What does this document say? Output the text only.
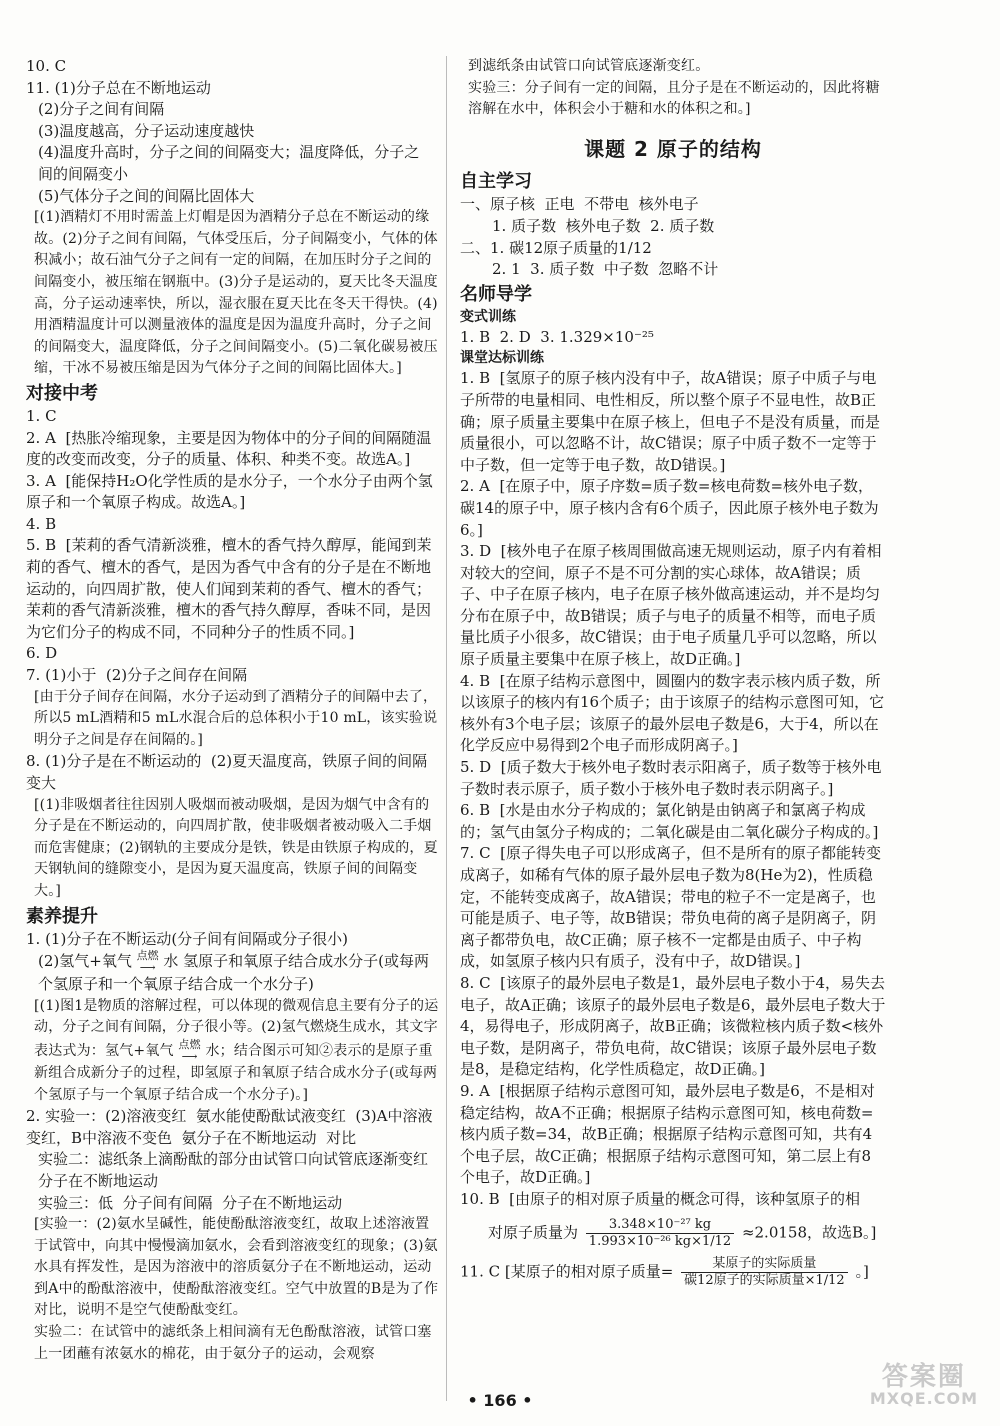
10. C

11. (1)分子总在不断地运动

(2)分子之间有间隔

(3)温度越高，分子运动速度越快

(4)温度升高时，分子之间的间隔变大；温度降低，分子之

间的间隔变小

(5)气体分子之间的间隔比固体大

[(1)酒精灯不用时需盖上灯帽是因为酒精分子总在不断运动的缘故。(2)分子之间有间隔，气体受压后，分子间隔变小，气体的体积减小；故石油气分子之间有一定的间隔，在加压时分子之间的间隔变小，被压缩在钢瓶中。(3)分子是运动的，夏天比冬天温度高，分子运动速率快，所以，湿衣服在夏天比在冬天干得快。(4)用酒精温度计可以测量液体的温度是因为温度升高时，分子之间的间隔变大，温度降低，分子之间间隔变小。(5)二氧化碳易被压缩，干冰不易被压缩是因为气体分子之间的间隔比固体大。]

对接中考

1. C

2. A  [热胀冷缩现象，主要是因为物体中的分子间的间隔随温度的改变而改变，分子的质量、体积、种类不变。故选A。]

3. A  [能保持H₂O化学性质的是水分子，一个水分子由两个氢原子和一个氧原子构成。故选A。]

4. B

5. B  [茉莉的香气清新淡雅，檀木的香气持久醇厚，能闻到茉莉的香气、檀木的香气，是因为香气中含有的分子是在不断地运动的，向四周扩散，使人们闻到茉莉的香气、檀木的香气；茉莉的香气清新淡雅，檀木的香气持久醇厚，香味不同，是因为它们分子的构成不同，不同种分子的性质不同。]

6. D

7. (1)小于  (2)分子之间存在间隔

[由于分子间存在间隔，水分子运动到了酒精分子的间隔中去了，所以5 mL酒精和5 mL水混合后的总体积小于10 mL，该实验说明分子之间是存在间隔的。]

8. (1)分子是在不断运动的  (2)夏天温度高，铁原子间的间隔变大

[(1)非吸烟者往往因别人吸烟而被动吸烟，是因为烟气中含有的分子是在不断运动的，向四周扩散，使非吸烟者被动吸入二手烟而危害健康；(2)钢轨的主要成分是铁，铁是由铁原子构成的，夏天钢轨间的缝隙变小，是因为夏天温度高，铁原子间的间隔变大。]

素养提升

1. (1)分子在不断运动(分子间有间隔或分子很小)

(2)氢气+氧气 点燃
⟶ 水 氢原子和氧原子结合成水分子(或每两个氢原子和一个氧原子结合成一个水分子)

[(1)图1是物质的溶解过程，可以体现的微观信息主要有分子的运动，分子之间有间隔，分子很小等。(2)氢气燃烧生成水，其文字表达式为：氢气+氧气 点燃
⟶ 水；结合图示可知②表示的是原子重新组合成新分子的过程，即氢原子和氧原子结合成水分子(或每两个氢原子与一个氧原子结合成一个水分子)。]

2. 实验一：(2)溶液变红  氨水能使酚酞试液变红  (3)A中溶液变红，B中溶液不变色  氨分子在不断地运动  对比

实验二：滤纸条上滴酚酞的部分由试管口向试管底逐渐变红  分子在不断地运动

实验三：低  分子间有间隔  分子在不断地运动

[实验一：(2)氨水呈碱性，能使酚酞溶液变红，故取上述溶液置于试管中，向其中慢慢滴加氨水，会看到溶液变红的现象；(3)氨水具有挥发性，是因为溶液中的溶质氨分子在不断地运动，运动到A中的酚酞溶液中，使酚酞溶液变红。空气中放置的B是为了作对比，说明不是空气使酚酞变红。

实验二：在试管中的滤纸条上相间滴有无色酚酞溶液，试管口塞上一团蘸有浓氨水的棉花，由于氨分子的运动，会观察

到滤纸条由试管口向试管底逐渐变红。

实验三：分子间有一定的间隔，且分子是在不断运动的，因此将糖溶解在水中，体积会小于糖和水的体积之和。]

课题 2 原子的结构

自主学习

一、原子核  正电  不带电  核外电子

1. 质子数  核外电子数  2. 质子数

二、1. 碳12原子质量的1/12

2. 1  3. 质子数  中子数  忽略不计

名师导学

变式训练

1. B  2. D  3. 1.329×10⁻²⁵

课堂达标训练

1. B  [氢原子的原子核内没有中子，故A错误；原子中质子与电子所带的电量相同、电性相反，所以整个原子不显电性，故B正确；原子质量主要集中在原子核上，但电子不是没有质量，而是质量很小，可以忽略不计，故C错误；原子中质子数不一定等于中子数，但一定等于电子数，故D错误。]

2. A  [在原子中，原子序数=质子数=核电荷数=核外电子数，碳14的原子中，原子核内含有6个质子，因此原子核外电子数为6。]

3. D  [核外电子在原子核周围做高速无规则运动，原子内有着相对较大的空间，原子不是不可分割的实心球体，故A错误；质子、中子在原子核内，电子在原子核外做高速运动，并不是均匀分布在原子中，故B错误；质子与电子的质量不相等，而电子质量比质子小很多，故C错误；由于电子质量几乎可以忽略，所以原子质量主要集中在原子核上，故D正确。]

4. B  [在原子结构示意图中，圆圈内的数字表示核内质子数，所以该原子的核内有16个质子；由于该原子的结构示意图可知，它核外有3个电子层；该原子的最外层电子数是6，大于4，所以在化学反应中易得到2个电子而形成阴离子。]

5. D  [质子数大于核外电子数时表示阳离子，质子数等于核外电子数时表示原子，质子数小于核外电子数时表示阴离子。]

6. B  [水是由水分子构成的；氯化钠是由钠离子和氯离子构成的；氢气由氢分子构成的；二氧化碳是由二氧化碳分子构成的。]

7. C  [原子得失电子可以形成离子，但不是所有的原子都能转变成离子，如稀有气体的原子最外层电子数为8(He为2)，性质稳定，不能转变成离子，故A错误；带电的粒子不一定是离子，也可能是质子、电子等，故B错误；带负电荷的离子是阴离子，阴离子都带负电，故C正确；原子核不一定都是由质子、中子构成，如氢原子核内只有质子，没有中子，故D错误。]

8. C  [该原子的最外层电子数是1，最外层电子数小于4，易失去电子，故A正确；该原子的最外层电子数是6，最外层电子数大于4，易得电子，形成阴离子，故B正确；该微粒核内质子数<核外电子数，是阴离子，带负电荷，故C错误；该原子最外层电子数是8，是稳定结构，化学性质稳定，故D正确。]

9. A  [根据原子结构示意图可知，最外层电子数是6，不是相对稳定结构，故A不正确；根据原子结构示意图可知，核电荷数=核内质子数=34，故B正确；根据原子结构示意图可知，共有4个电子层，故C正确；根据原子结构示意图可知，第二层上有8个电子，故D正确。]

10. B  [由原子的相对原子质量的概念可得，该种氢原子的相

对原子质量为 $\frac{\text{3.348×10⁻²⁷ kg}}{\text{1.993×10⁻²⁶ kg×1/12}} \approx 2.0158$，故选B。]

11. C [某原子的相对原子质量= $\frac{\text{某原子的实际质量}}{\text{碳12原子的实际质量×1/12}}$ 。]

• 166 •
答案圈
MXQE.COM
